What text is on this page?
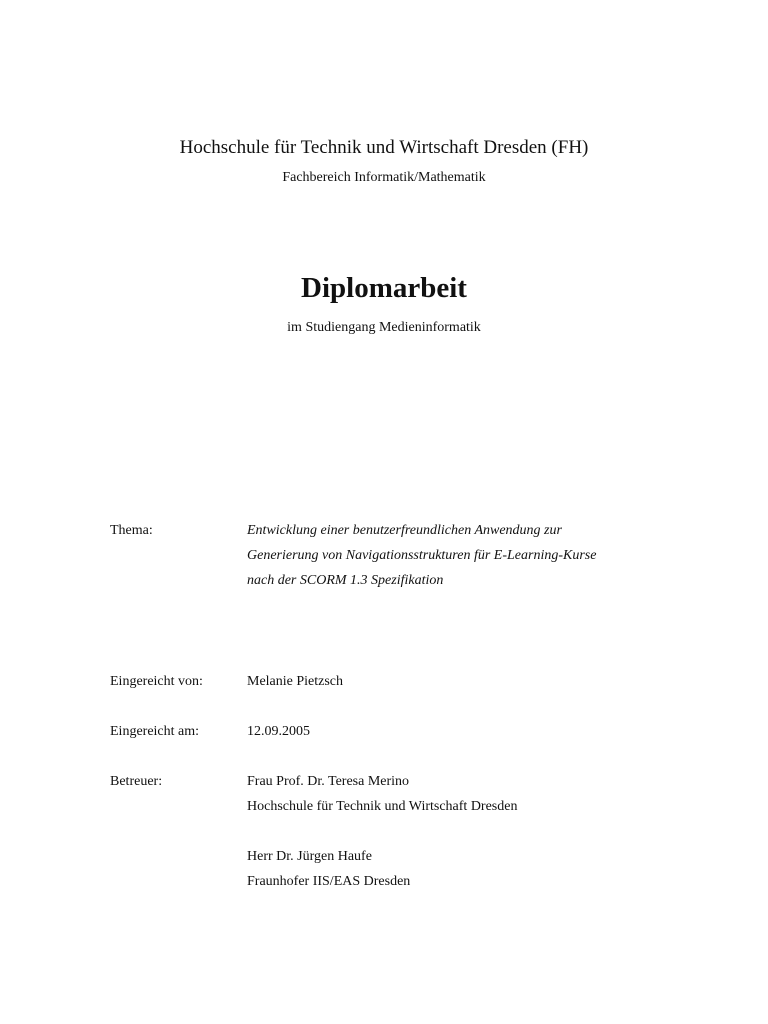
Hochschule für Technik und Wirtschaft Dresden (FH)
Fachbereich Informatik/Mathematik
Diplomarbeit
im Studiengang Medieninformatik
Thema:	Entwicklung einer benutzerfreundlichen Anwendung zur
Generierung von Navigationsstrukturen für E-Learning-Kurse
nach der SCORM 1.3 Spezifikation
Eingereicht von:	Melanie Pietzsch
Eingereicht am:	12.09.2005
Betreuer:	Frau Prof. Dr. Teresa Merino
Hochschule für Technik und Wirtschaft Dresden
Herr Dr. Jürgen Haufe
Fraunhofer IIS/EAS Dresden
